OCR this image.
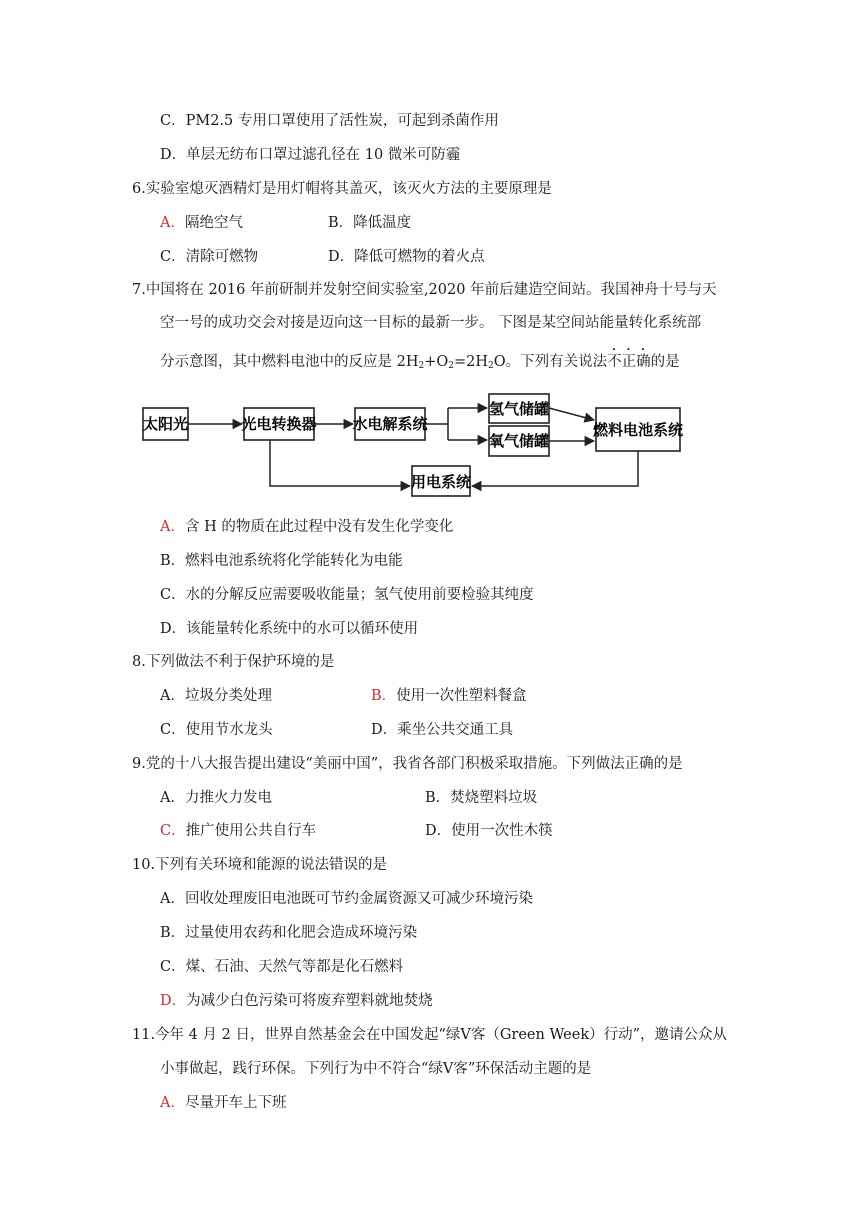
C．PM2.5 专用口罩使用了活性炭，可起到杀菌作用
D．单层无纺布口罩过滤孔径在 10 微米可防霾
6.实验室熄灭酒精灯是用灯帽将其盖灭，该灭火方法的主要原理是
A．隔绝空气	B．降低温度
C．清除可燃物	D．降低可燃物的着火点
7.中国将在 2016 年前研制并发射空间实验室,2020 年前后建造空间站。我国神舟十号与天
空一号的成功交会对接是迈向这一目标的最新一步。 下图是某空间站能量转化系统部
分示意图，其中燃料电池中的反应是 $2H_2+O_2=2H_2O$。下列有关说法不正确的是
太阳光	光电转换器 水电解系统
氢气储罐
氧气储罐
燃料电池系统
用电系统
A．含 H 的物质在此过程中没有发生化学变化
B．燃料电池系统将化学能转化为电能
C．水的分解反应需要吸收能量；氢气使用前要检验其纯度
D．该能量转化系统中的水可以循环使用
8.下列做法不利于保护环境的是
A．垃圾分类处理	B．使用一次性塑料餐盒
C．使用节水龙头	D．乘坐公共交通工具
9.党的十八大报告提出建设“美丽中国”，我省各部门积极采取措施。下列做法正确的是
A．力推火力发电	B．焚烧塑料垃圾
C．推广使用公共自行车	D．使用一次性木筷
10.下列有关环境和能源的说法错误的是
A．回收处理废旧电池既可节约金属资源又可减少环境污染
B．过量使用农药和化肥会造成环境污染
C．煤、石油、天然气等都是化石燃料
D．为减少白色污染可将废弃塑料就地焚烧
11.今年 4 月 2 日，世界自然基金会在中国发起“绿Ⅴ客（Green Week）行动”，邀请公众从
小事做起，践行环保。下列行为中不符合“绿Ⅴ客”环保活动主题的是
A．尽量开车上下班
